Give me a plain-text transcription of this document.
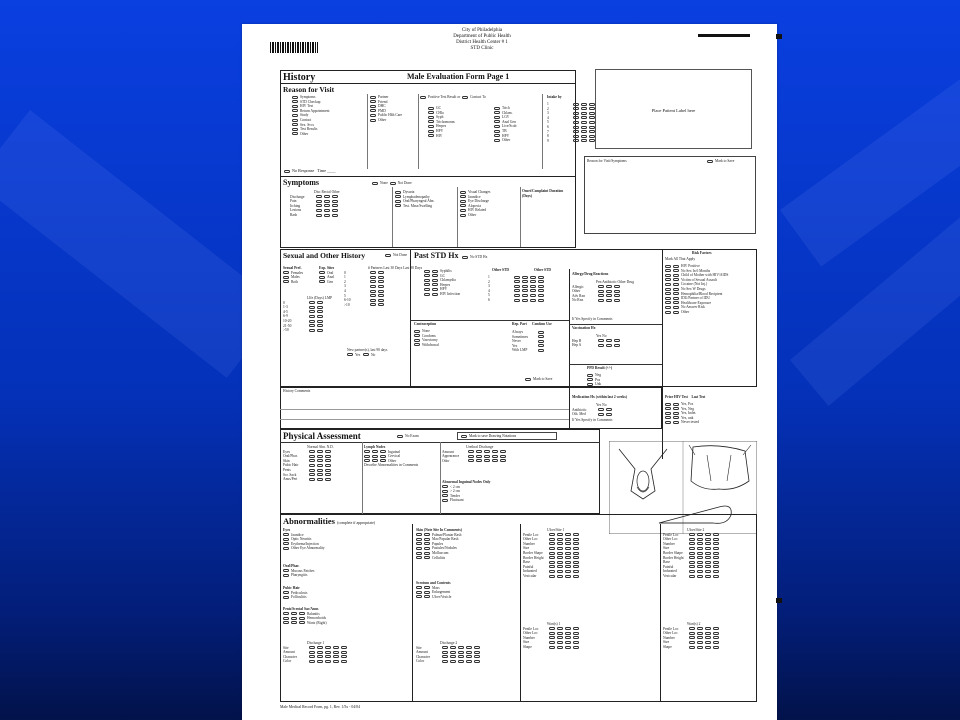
City of Philadelphia
Department of Public Health
District Health Center # 1
STD Clinic
Male Evaluation Form Page 1
Place Patient Label here
History
Reason for Visit
Symptoms
STD Checkup
HIV Test
Return Appointment
Study
Contact
Sex. Svcs
Test Results
Other
Partner
Friend
DHC
PMD
Public Hlth Care
Other
Positive Test Result or	Contact To
GC
CHla
Syph
Trichomonas
Herpes
HPV
HIV
Trich
Chlam.
LGV
Anal Gen
Lice/Scab
TB
HPV
Other
Intake by
1
2
3
4
5
6
7
8
9
No Response Time ____
Symptoms	None	Not Done
Disc Rectal Other
Discharge
Pain
Itching
Lesions
Rash
Dysuria
Lymphadenopathy
Oral/Pharyngeal Abn.
Test. Mass/Swelling
Visual Changes
Jaundice
Eye Discharge
Alopecia
HIV Related
Other
Onset/Complaint Duration (Days)
Reason for Visit/Symptoms	Mark to Save
Sexual and Other History	Not Done
Sexual Pref.
Females
Males
Both
Exp. Sites
Oral
Anal
Gen
# Partners Last 30 Days Last 90 Days
0
1
2
3
4
5
6-10
>10
LIfe (Days) LMP
0
1-3
4-5
6-9
10-20
21-50
>50
New partner(s), last 90 days
Yes	No
Past STD Hx	No STD Hx
Syphilis
GC
Chlamydia
Herpes
HPV
HIV Infection
Other STD	Other STD
1
2
3
4
5
6
Contraception
None
Condoms
Vasectomy
Withdrawal
Rep. Part Condom Use
Always
Sometimes
Never
Yes
With LMP
Mark to Save
Allergy/Drug Reactions
Pen Antibiotic Other Drug
Allergic
Other
Adv Rxn
No Rxn
If Yes Specify in Comments
Vaccination Hx
Yes No
Hep B
Hep A
PPD Result (+/-)
Neg
Pos
Unk
Risk Factors
Mark All That Apply
HIV Positive
No Sex In 6 Months
Child of Mother with HIV/AIDS
Victim of Sexual Assault
Cocaine (Not Inj.)
No Sex W Drugs
Hemophilia/Blood Recipient
IDU/Partner of IDU
Healthcare Exposure
No Answer Risk
Other
History Comments
Medication Hx (within last 2 weeks)
Yes No
Antibiotic
Oth. Med
If Yes Specify in Comments
Prior HIV Test Last Test
Yes, Pos
Yes, Neg
Yes, Indet.
Yes, unk
Never tested
Physical Assessment	No Exam	Mark to save Drawing Notations
Normal Abn. N.D.
Eyes
Oral/Phar.
Skin
Pubic Hair
Penis
Scr. Sack
Anus/Peri
Lymph Nodes
Inguinal
Cervical
Other
Describe Abnormalities in Comments
Urethral Discharge
Amount
Appearance
Odor
Abnormal Inguinal Nodes Only
< 2 cm
> 2 cm
Tender
Fluctuant
Abnormalities (complete if appropriate)
Eyes
Jaundice
Optic Neuritis
Erythema/Injection
Other Eye Abnormality
Oral/Phar.
Mucous Patches
Pharyngitis
Pubic Hair
Pediculosis
Folliculitis
Penis/Scrotal Sac/Anus
Balanitis
Hemorrhoids
Warts (Right)
Discharge 1
Site
Amount
Character
Color
Discharge 2
Site
Amount
Character
Color
Skin (Note Site In Comments)
Palmar/Plantar Rash
Mac/Papular Rash
Papules
Pustules/Nodules
Molluscum
Cellulitis
Scrotum and Contents
Mass
Enlargement
Ulcer/Vesicle
Ulcer/Site 1
Penile Loc
Other Loc
Number
Size
Border Shape
Border Height
Base
Painful
Indurated
Vesicular
Ulcer/Site 2
Penile Loc
Other Loc
Number
Size
Border Shape
Border Height
Base
Painful
Indurated
Vesicular
Wart(s) 1
Penile Loc
Other Loc
Number
Size
Shape
Wart(s) 2
Penile Loc
Other Loc
Number
Size
Shape
Male Medical Record Form, pg. 1, Rev. 1/5x - 04/04
